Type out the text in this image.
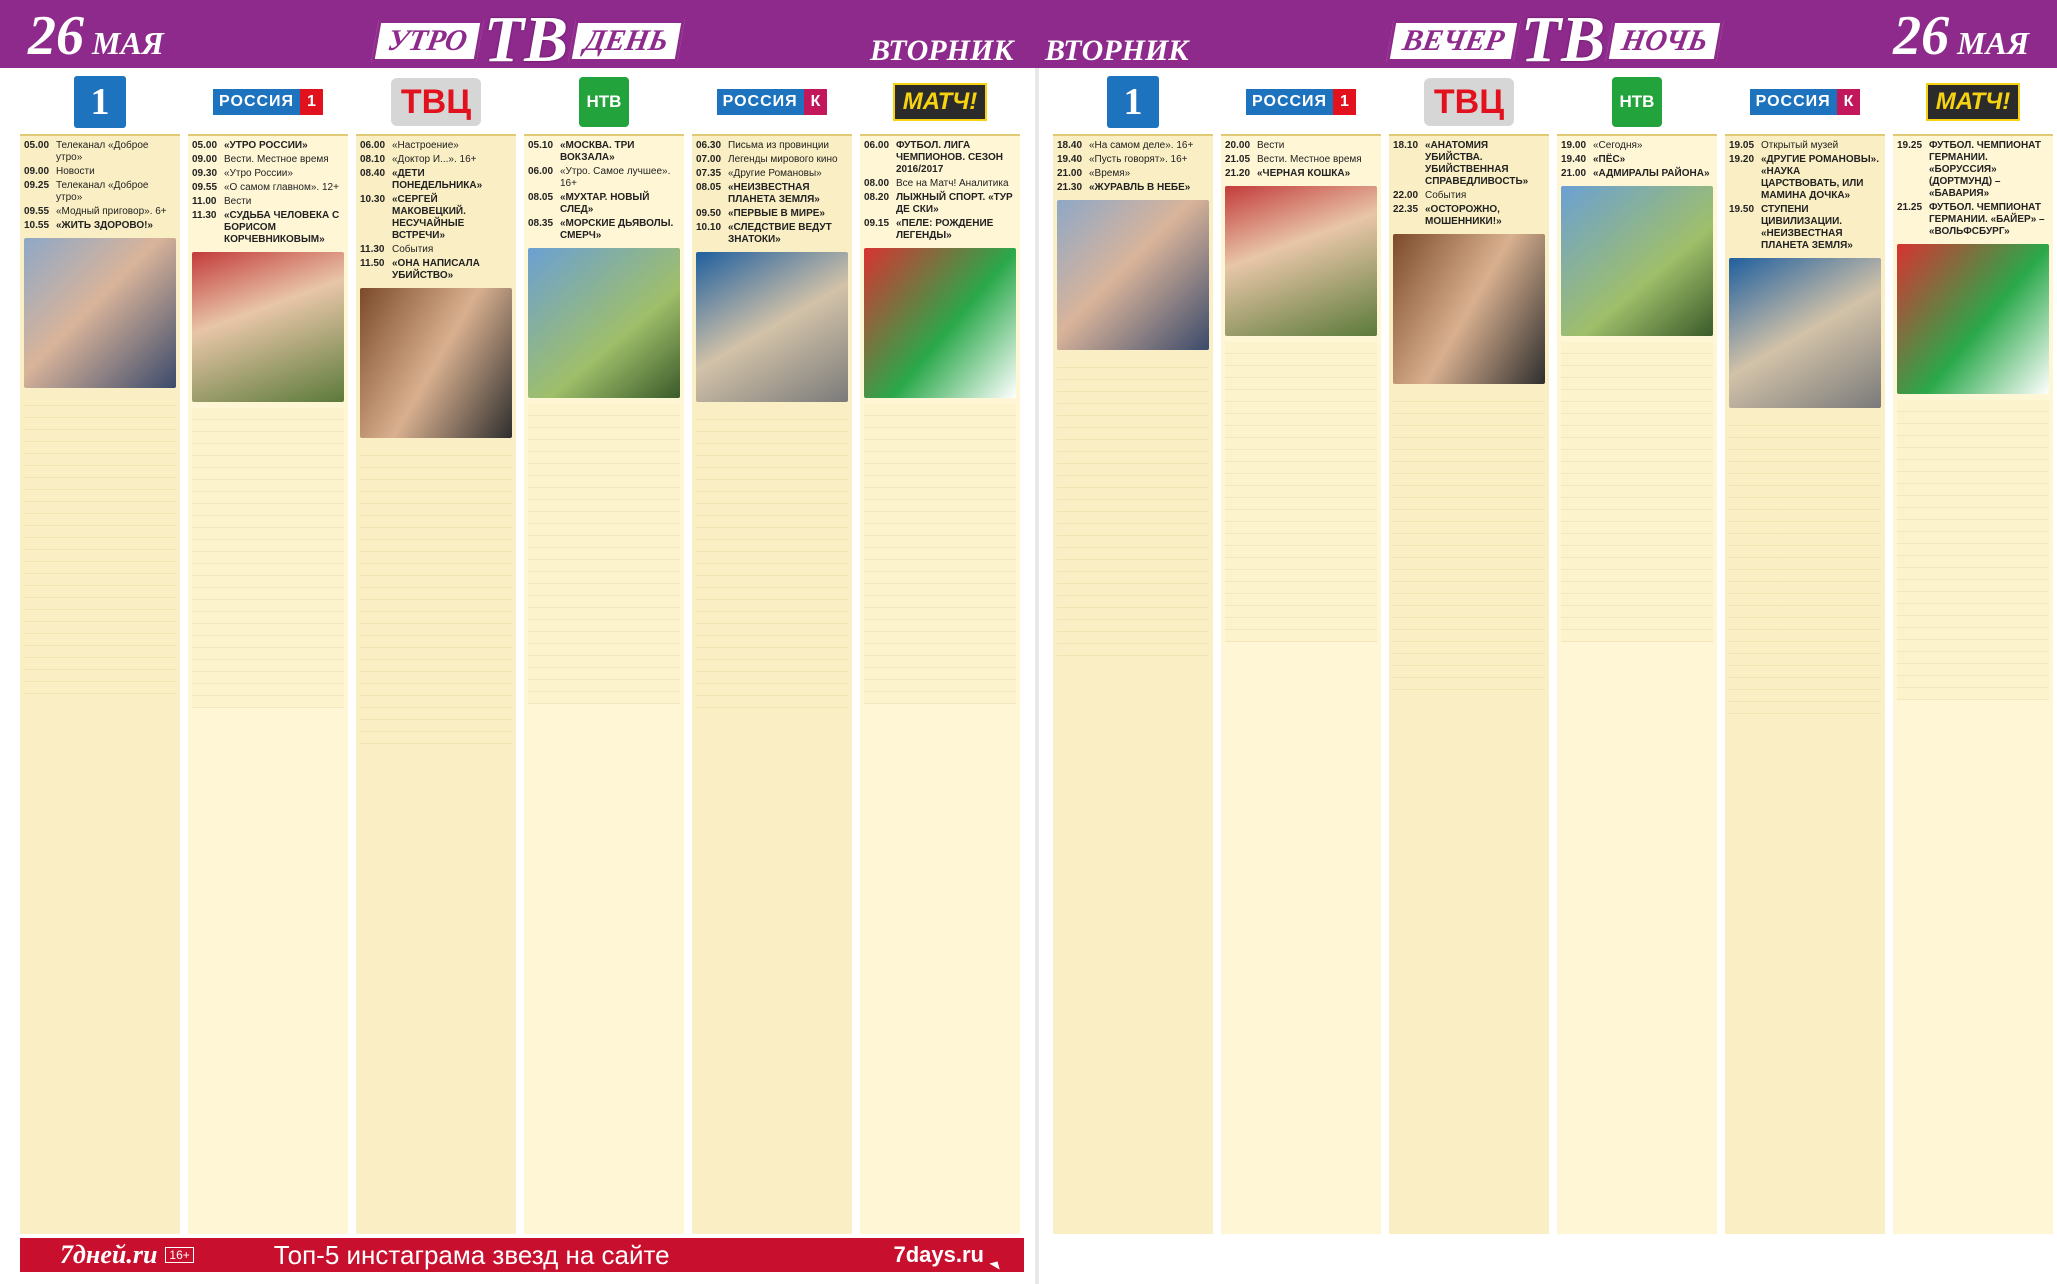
26 МАЯ	УТРО ТВ ДЕНЬ	ВТОРНИК ВТОРНИК	ВЕЧЕР ТВ НОЧЬ	26 МАЯ
1
05.00 Телеканал «Доброе утро»
09.00 Новости
09.25 Телеканал «Доброе утро»
09.55 «Модный приговор». 6+
10.55 «ЖИТЬ ЗДОРОВО!»
РОССИЯ 1
05.00 «УТРО РОССИИ»
09.00 Вести. Местное время
09.30 «Утро России»
09.55 «О самом главном». 12+
11.00 Вести
11.30 «СУДЬБА ЧЕЛОВЕКА С БОРИСОМ КОРЧЕВНИКОВЫМ»
ТВЦ
06.00 «Настроение»
08.10 «Доктор И...». 16+
08.40 «ДЕТИ ПОНЕДЕЛЬНИКА»
10.30 «СЕРГЕЙ МАКОВЕЦКИЙ. НЕСУЧАЙНЫЕ ВСТРЕЧИ»
11.30 События
11.50 «ОНА НАПИСАЛА УБИЙСТВО»
НТВ
05.10 «МОСКВА. ТРИ ВОКЗАЛА»
06.00 «Утро. Самое лучшее». 16+
08.05 «МУХТАР. НОВЫЙ СЛЕД»
08.35 «МОРСКИЕ ДЬЯВОЛЫ. СМЕРЧ»
РОССИЯ К
06.30 Письма из провинции
07.00 Легенды мирового кино
07.35 «Другие Романовы»
08.05 «НЕИЗВЕСТНАЯ ПЛАНЕТА ЗЕМЛЯ»
09.50 «ПЕРВЫЕ В МИРЕ»
10.10 «СЛЕДСТВИЕ ВЕДУТ ЗНАТОКИ»
МАТЧ!
06.00 ФУТБОЛ. ЛИГА ЧЕМПИОНОВ. СЕЗОН 2016/2017
08.00 Все на Матч! Аналитика
08.20 ЛЫЖНЫЙ СПОРТ. «ТУР ДЕ СКИ»
09.15 «ПЕЛЕ: РОЖДЕНИЕ ЛЕГЕНДЫ»
1
18.40 «На самом деле». 16+
19.40 «Пусть говорят». 16+
21.00 «Время»
21.30 «ЖУРАВЛЬ В НЕБЕ»
РОССИЯ 1
20.00 Вести
21.05 Вести. Местное время
21.20 «ЧЕРНАЯ КОШКА»
ТВЦ
18.10 «АНАТОМИЯ УБИЙСТВА. УБИЙСТВЕННАЯ СПРАВЕДЛИВОСТЬ»
22.00 События
22.35 «ОСТОРОЖНО, МОШЕННИКИ!»
НТВ
19.00 «Сегодня»
19.40 «ПЁС»
21.00 «АДМИРАЛЫ РАЙОНА»
РОССИЯ К
19.05 Открытый музей
19.20 «ДРУГИЕ РОМАНОВЫ». «НАУКА ЦАРСТВОВАТЬ, ИЛИ МАМИНА ДОЧКА»
19.50 СТУПЕНИ ЦИВИЛИЗАЦИИ. «НЕИЗВЕСТНАЯ ПЛАНЕТА ЗЕМЛЯ»
МАТЧ!
19.25 ФУТБОЛ. ЧЕМПИОНАТ ГЕРМАНИИ. «БОРУССИЯ» (ДОРТМУНД) – «БАВАРИЯ»
21.25 ФУТБОЛ. ЧЕМПИОНАТ ГЕРМАНИИ. «БАЙЕР» – «ВОЛЬФСБУРГ»
7дней.ru	16+	Топ-5 инстаграма звезд на сайте	7days.ru
